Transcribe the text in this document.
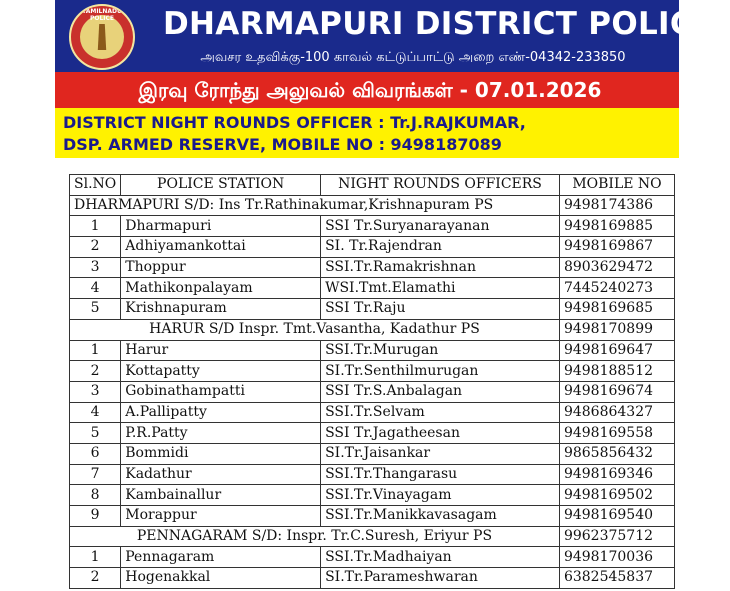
TAMILNADU POLICE	DHARMAPURI DISTRICT POLICE
அவசர உதவிக்கு-100 காவல் கட்டுப்பாட்டு அறை எண்-04342-233850
இரவு ரோந்து அலுவல் விவரங்கள் - 07.01.2026
DISTRICT NIGHT ROUNDS OFFICER : Tr.J.RAJKUMAR,
DSP. ARMED RESERVE, MOBILE NO : 9498187089
Sl.NO	POLICE STATION	NIGHT ROUNDS OFFICERS	MOBILE NO
DHARMAPURI S/D: Ins Tr.Rathinakumar,Krishnapuram PS			9498174386
1	Dharmapuri	SSI Tr.Suryanarayanan	9498169885
2	Adhiyamankottai	SI. Tr.Rajendran	9498169867
3	Thoppur	SSI.Tr.Ramakrishnan	8903629472
4	Mathikonpalayam	WSI.Tmt.Elamathi	7445240273
5	Krishnapuram	SSI Tr.Raju	9498169685
HARUR S/D Inspr. Tmt.Vasantha, Kadathur PS			9498170899
1	Harur	SSI.Tr.Murugan	9498169647
2	Kottapatty	SI.Tr.Senthilmurugan	9498188512
3	Gobinathampatti	SSI Tr.S.Anbalagan	9498169674
4	A.Pallipatty	SSI.Tr.Selvam	9486864327
5	P.R.Patty	SSI Tr.Jagatheesan	9498169558
6	Bommidi	SI.Tr.Jaisankar	9865856432
7	Kadathur	SSI.Tr.Thangarasu	9498169346
8	Kambainallur	SSI.Tr.Vinayagam	9498169502
9	Morappur	SSI.Tr.Manikkavasagam	9498169540
PENNAGARAM S/D: Inspr. Tr.C.Suresh, Eriyur PS			9962375712
1	Pennagaram	SSI.Tr.Madhaiyan	9498170036
2	Hogenakkal	SI.Tr.Parameshwaran	6382545837
